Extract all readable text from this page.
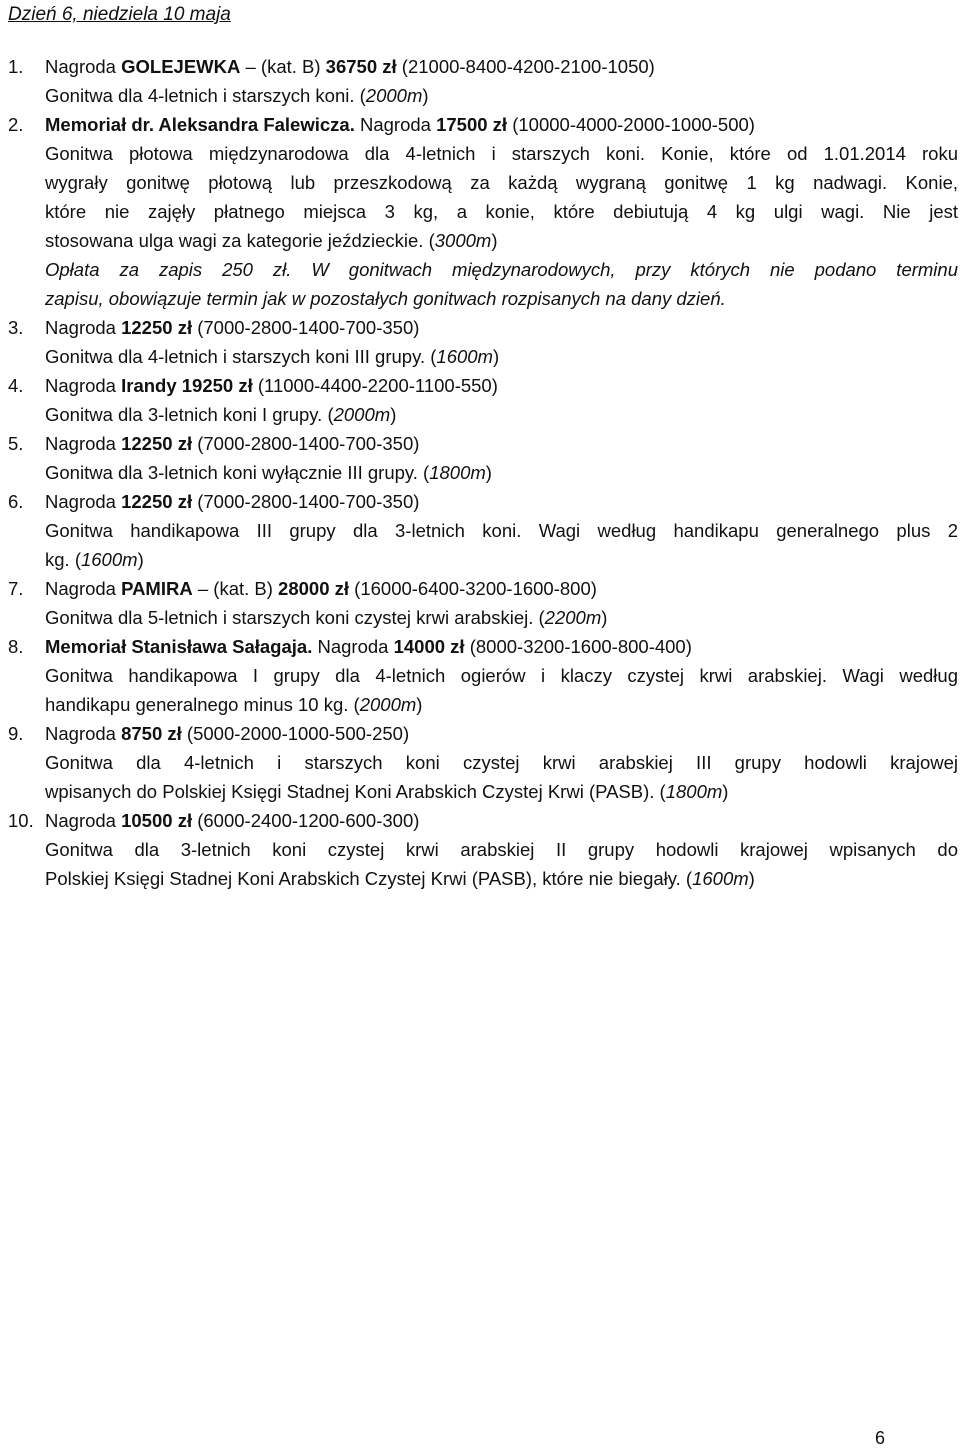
Dzień 6, niedziela 10 maja
1.	Nagroda GOLEJEWKA – (kat. B) 36750 zł (21000-8400-4200-2100-1050)
Gonitwa dla 4-letnich i starszych koni. (2000m)
2.	Memoriał dr. Aleksandra Falewicza. Nagroda 17500 zł (10000-4000-2000-1000-500)
Gonitwa płotowa międzynarodowa dla 4-letnich i starszych koni. Konie, które od 1.01.2014 roku
wygrały gonitwę płotową lub przeszkodową za każdą wygraną gonitwę 1 kg nadwagi. Konie,
które nie zajęły płatnego miejsca 3 kg, a konie, które debiutują 4 kg ulgi wagi. Nie jest
stosowana ulga wagi za kategorie jeździeckie. (3000m)
Opłata za zapis 250 zł. W gonitwach międzynarodowych, przy których nie podano terminu
zapisu, obowiązuje termin jak w pozostałych gonitwach rozpisanych na dany dzień.
3.	Nagroda 12250 zł (7000-2800-1400-700-350)
Gonitwa dla 4-letnich i starszych koni III grupy. (1600m)
4.	Nagroda Irandy 19250 zł (11000-4400-2200-1100-550)
Gonitwa dla 3-letnich koni I grupy. (2000m)
5.	Nagroda 12250 zł (7000-2800-1400-700-350)
Gonitwa dla 3-letnich koni wyłącznie III grupy. (1800m)
6.	Nagroda 12250 zł (7000-2800-1400-700-350)
Gonitwa handikapowa III grupy dla 3-letnich koni. Wagi według handikapu generalnego plus 2
kg. (1600m)
7.	Nagroda PAMIRA – (kat. B) 28000 zł (16000-6400-3200-1600-800)
Gonitwa dla 5-letnich i starszych koni czystej krwi arabskiej. (2200m)
8.	Memoriał Stanisława Sałagaja. Nagroda 14000 zł (8000-3200-1600-800-400)
Gonitwa handikapowa I grupy dla 4-letnich ogierów i klaczy czystej krwi arabskiej. Wagi według
handikapu generalnego minus 10 kg. (2000m)
9.	Nagroda 8750 zł (5000-2000-1000-500-250)
Gonitwa dla 4-letnich i starszych koni czystej krwi arabskiej III grupy hodowli krajowej
wpisanych do Polskiej Księgi Stadnej Koni Arabskich Czystej Krwi (PASB). (1800m)
10. Nagroda 10500 zł (6000-2400-1200-600-300)
Gonitwa dla 3-letnich koni czystej krwi arabskiej II grupy hodowli krajowej wpisanych do
Polskiej Księgi Stadnej Koni Arabskich Czystej Krwi (PASB), które nie biegały. (1600m)
6
